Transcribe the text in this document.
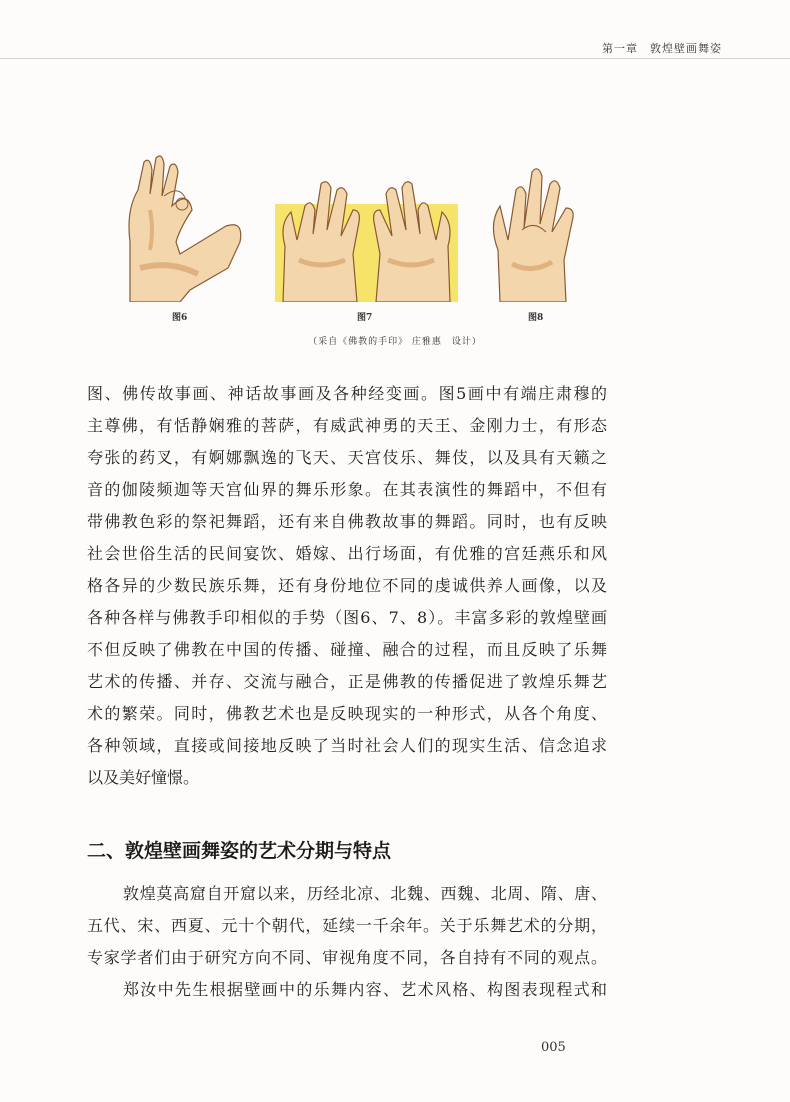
第一章　敦煌壁画舞姿
图6	图7	图8
（采自《佛教的手印》 庄雅惠　设计）
图、佛传故事画、神话故事画及各种经变画。图5画中有端庄肃穆的
主尊佛，有恬静娴雅的菩萨，有威武神勇的天王、金刚力士，有形态
夸张的药叉，有婀娜飘逸的飞天、天宫伎乐、舞伎，以及具有天籁之
音的伽陵频迦等天宫仙界的舞乐形象。在其表演性的舞蹈中，不但有
带佛教色彩的祭祀舞蹈，还有来自佛教故事的舞蹈。同时，也有反映
社会世俗生活的民间宴饮、婚嫁、出行场面，有优雅的宫廷燕乐和风
格各异的少数民族乐舞，还有身份地位不同的虔诚供养人画像，以及
各种各样与佛教手印相似的手势（图6、7、8）。丰富多彩的敦煌壁画
不但反映了佛教在中国的传播、碰撞、融合的过程，而且反映了乐舞
艺术的传播、并存、交流与融合，正是佛教的传播促进了敦煌乐舞艺
术的繁荣。同时，佛教艺术也是反映现实的一种形式，从各个角度、
各种领域，直接或间接地反映了当时社会人们的现实生活、信念追求
以及美好憧憬。
二、敦煌壁画舞姿的艺术分期与特点
敦煌莫高窟自开窟以来，历经北凉、北魏、西魏、北周、隋、唐、
五代、宋、西夏、元十个朝代，延续一千余年。关于乐舞艺术的分期，
专家学者们由于研究方向不同、审视角度不同，各自持有不同的观点。
郑汝中先生根据壁画中的乐舞内容、艺术风格、构图表现程式和
005
